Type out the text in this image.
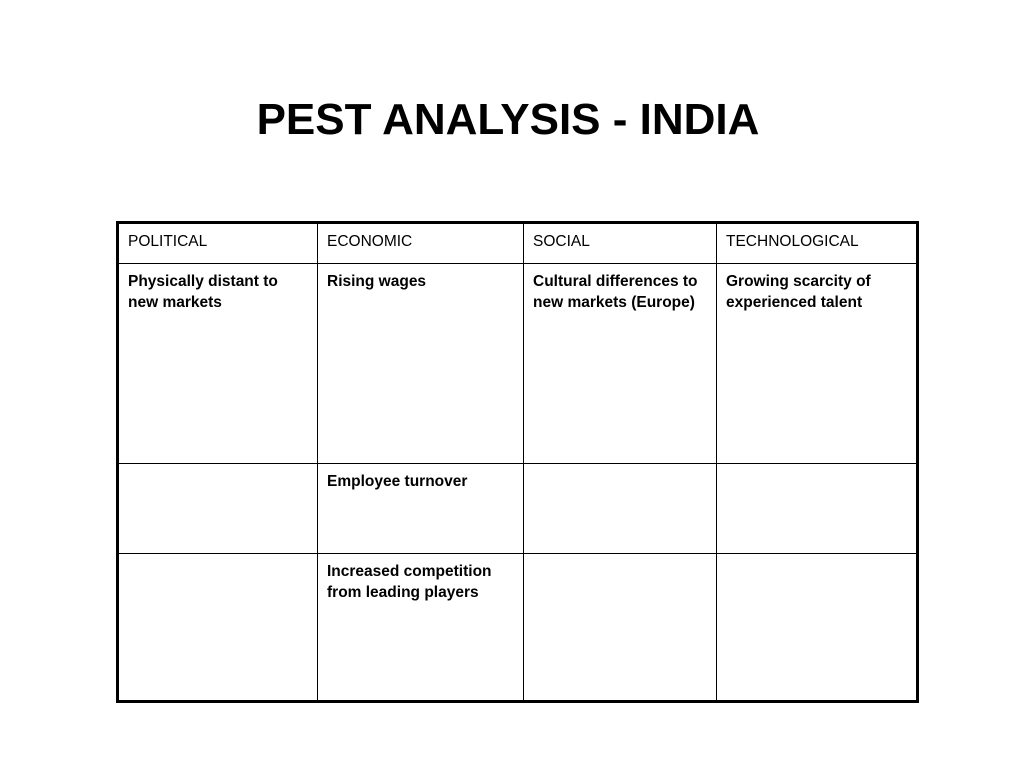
PEST ANALYSIS - INDIA
POLITICAL	ECONOMIC	SOCIAL	TECHNOLOGICAL
Physically distant to new markets	Rising wages	Cultural differences to new markets (Europe)	Growing scarcity of experienced talent
	Employee turnover		
	Increased competition from leading players		
